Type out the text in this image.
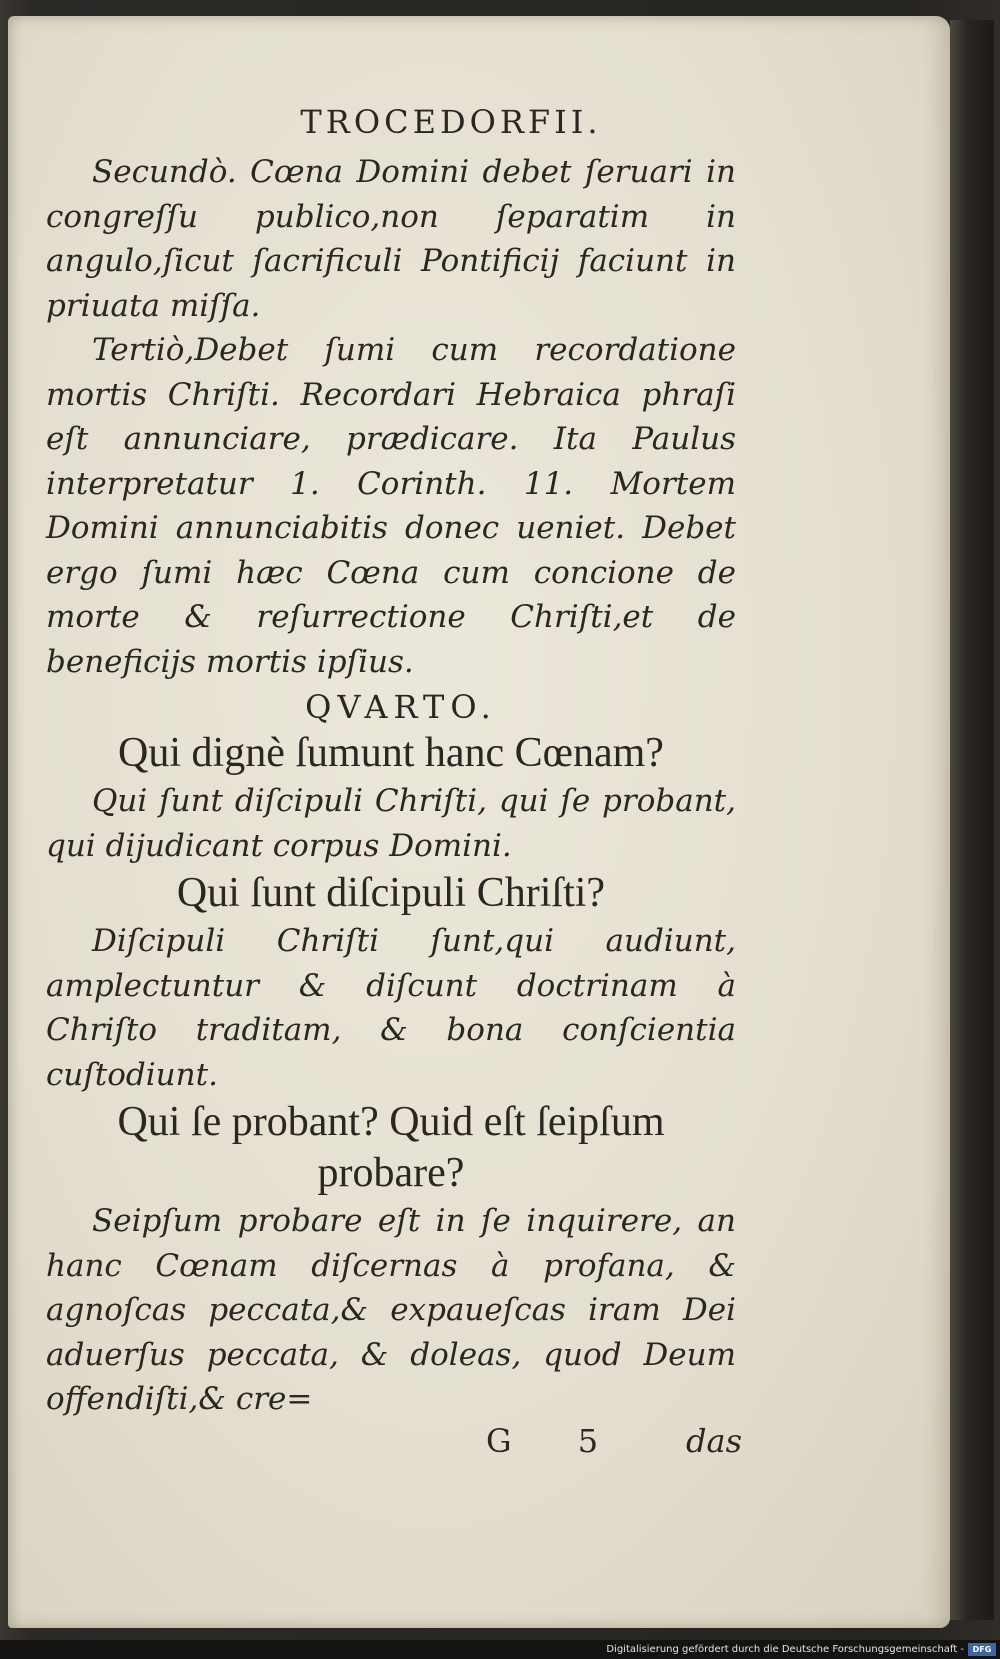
TROCEDORFII.

Secundò. Cœna Domini debet ſeruari in congreſſu publico,non ſeparatim in angulo,ſicut ſacrificuli Pontificij faciunt in priuata miſſa.

Tertiò,Debet ſumi cum recordatione mortis Chriſti. Recordari Hebraica phraſi eſt annunciare, prædicare. Ita Paulus interpretatur 1. Corinth. 11. Mortem Domini annunciabitis donec ueniet. Debet ergo ſumi hæc Cœna cum concione de morte & reſurrectione Chriſti,et de beneficijs mortis ipſius.

QVARTO.

Qui dignè ſumunt hanc Cœnam?

Qui ſunt diſcipuli Chriſti, qui ſe probant, qui dijudicant corpus Domini.

Qui ſunt diſcipuli Chriſti?

Diſcipuli Chriſti ſunt,qui audiunt, amplectuntur & diſcunt doctrinam à Chriſto traditam, & bona conſcientia cuſtodiunt.

Qui ſe probant? Quid eſt ſeipſum probare?

Seipſum probare eſt in ſe inquirere, an hanc Cœnam diſcernas à profana, & agnoſcas peccata,& expaueſcas iram Dei aduerſus peccata, & doleas, quod Deum offendiſti,& cre=

G 5 das
Digitalisierung gefördert durch die Deutsche Forschungsgemeinschaft -	DFG
